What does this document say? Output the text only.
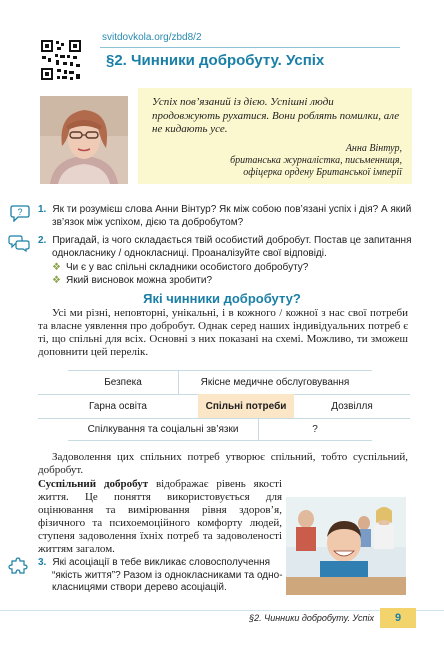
svitdovkola.org/zbd8/2
§2. Чинники добробуту. Успіх
Успіх пов’язаний із дією. Успішні люди продовжують рухатися. Вони роблять помилки, але не кидають усе.
Анна Вінтур,
британська журналістка, письменниця,
офіцерка ордену Британської імперії
? 1. Як ти розумієш слова Анни Вінтур? Як між собою пов’язані успіх і дія? А який
зв’язок між успіхом, дією та добробутом?
2. Пригадай, із чого складається твій особистий добробут. Постав це запитання
однокласнику / однокласниці. Проаналізуйте свої відповіді.
❖ Чи є у вас спільні складники особистого добробуту?
❖ Який висновок можна зробити?
Які чинники добробуту?
Усі ми різні, неповторні, унікальні, і в кожного / кожної з нас свої потреби та власне уявлення про добробут. Однак серед наших індивідуальних потреб є ті, що спільні для всіх. Основні з них показані на схемі. Можливо, ти зможеш доповнити цей перелік.
Безпека	Якісне медичне обслуговування
Гарна освіта	Спільні потреби	Дозвілля
Спілкування та соціальні зв’язки	?
Задоволення цих спільних потреб утворює спільний, тобто суспільний, добробут.
Суспільний добробут відображає рівень якості життя. Це поняття використовується для оцінювання та вимірювання рівня здоров’я, фізичного та психоемоційного комфорту людей, ступеня задоволення їхніх потреб та задоволеності життям загалом.
3. Які асоціації в тебе викликає словосполучення
“якість життя”? Разом із однокласниками та одно-
класницями створи дерево асоціацій.
§2. Чинники добробуту. Успіх	9
